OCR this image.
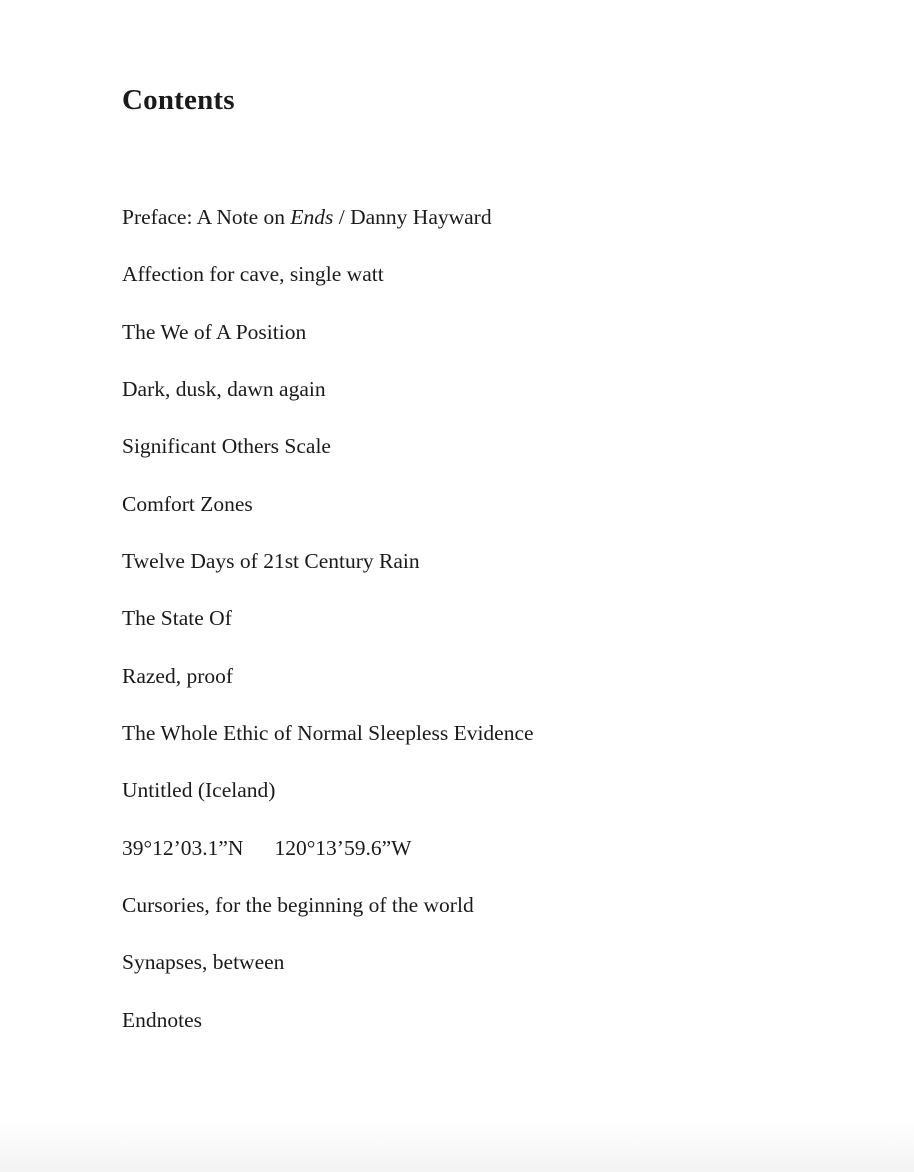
Contents
Preface: A Note on Ends / Danny Hayward
Affection for cave, single watt
The We of A Position
Dark, dusk, dawn again
Significant Others Scale
Comfort Zones
Twelve Days of 21st Century Rain
The State Of
Razed, proof
The Whole Ethic of Normal Sleepless Evidence
Untitled (Iceland)
39°12’03.1”N 120°13’59.6”W
Cursories, for the beginning of the world
Synapses, between
Endnotes
